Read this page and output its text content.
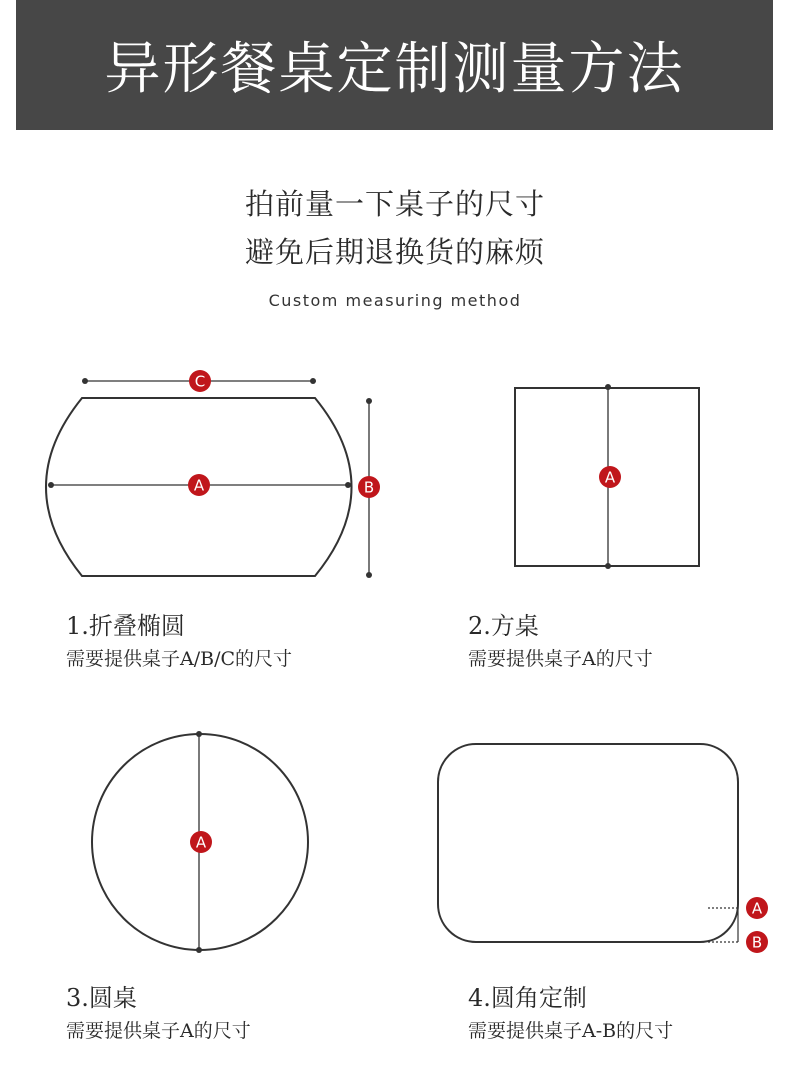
异形餐桌定制测量方法
拍前量一下桌子的尺寸
避免后期退换货的麻烦
Custom measuring method
C
A	B
A
A
A
B
1.折叠椭圆
需要提供桌子A/B/C的尺寸
2.方桌
需要提供桌子A的尺寸
3.圆桌
需要提供桌子A的尺寸
4.圆角定制
需要提供桌子A-B的尺寸
